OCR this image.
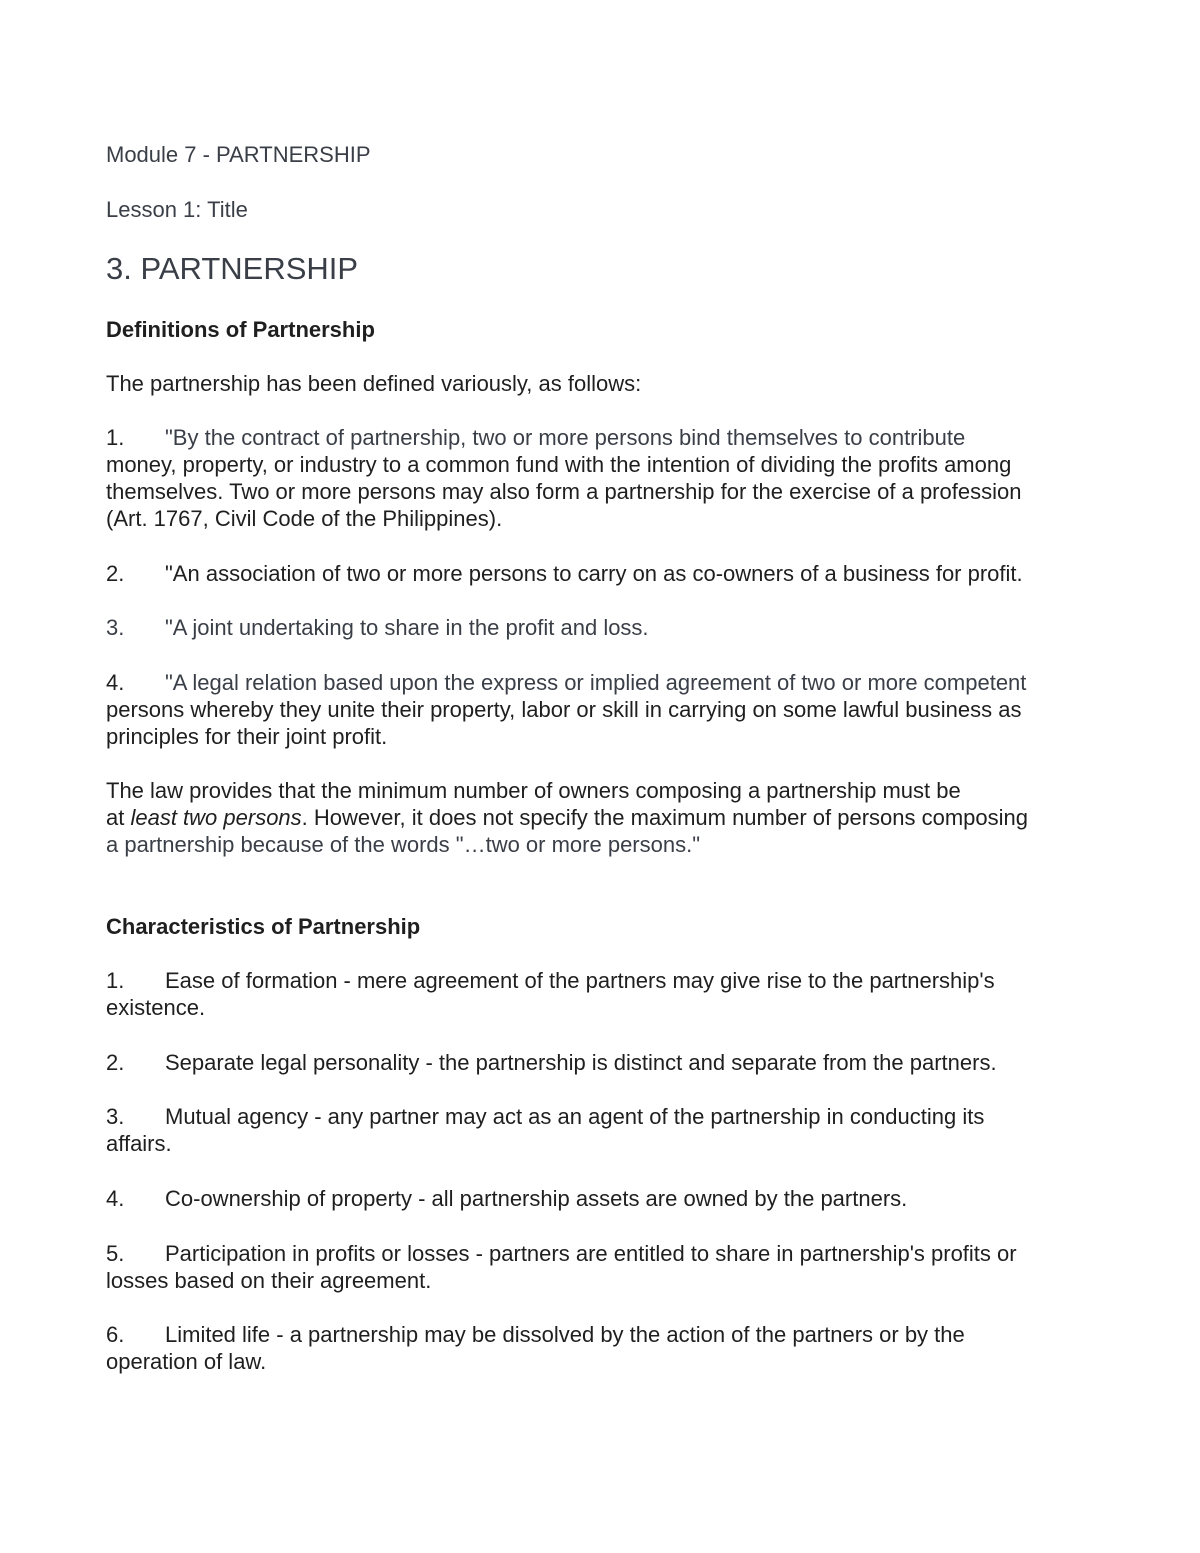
Module 7 - PARTNERSHIP

Lesson 1: Title

3. PARTNERSHIP

Definitions of Partnership

The partnership has been defined variously, as follows:

1. "By the contract of partnership, two or more persons bind themselves to contribute

money, property, or industry to a common fund with the intention of dividing the profits among

themselves. Two or more persons may also form a partnership for the exercise of a profession

(Art. 1767, Civil Code of the Philippines).

2. "An association of two or more persons to carry on as co-owners of a business for profit.

3. "A joint undertaking to share in the profit and loss.

4. "A legal relation based upon the express or implied agreement of two or more competent

persons whereby they unite their property, labor or skill in carrying on some lawful business as

principles for their joint profit.

The law provides that the minimum number of owners composing a partnership must be

at least two persons. However, it does not specify the maximum number of persons composing

a partnership because of the words "…two or more persons."

Characteristics of Partnership

1. Ease of formation - mere agreement of the partners may give rise to the partnership's

existence.

2. Separate legal personality - the partnership is distinct and separate from the partners.

3. Mutual agency - any partner may act as an agent of the partnership in conducting its

affairs.

4. Co-ownership of property - all partnership assets are owned by the partners.

5. Participation in profits or losses - partners are entitled to share in partnership's profits or

losses based on their agreement.

6. Limited life - a partnership may be dissolved by the action of the partners or by the

operation of law.
